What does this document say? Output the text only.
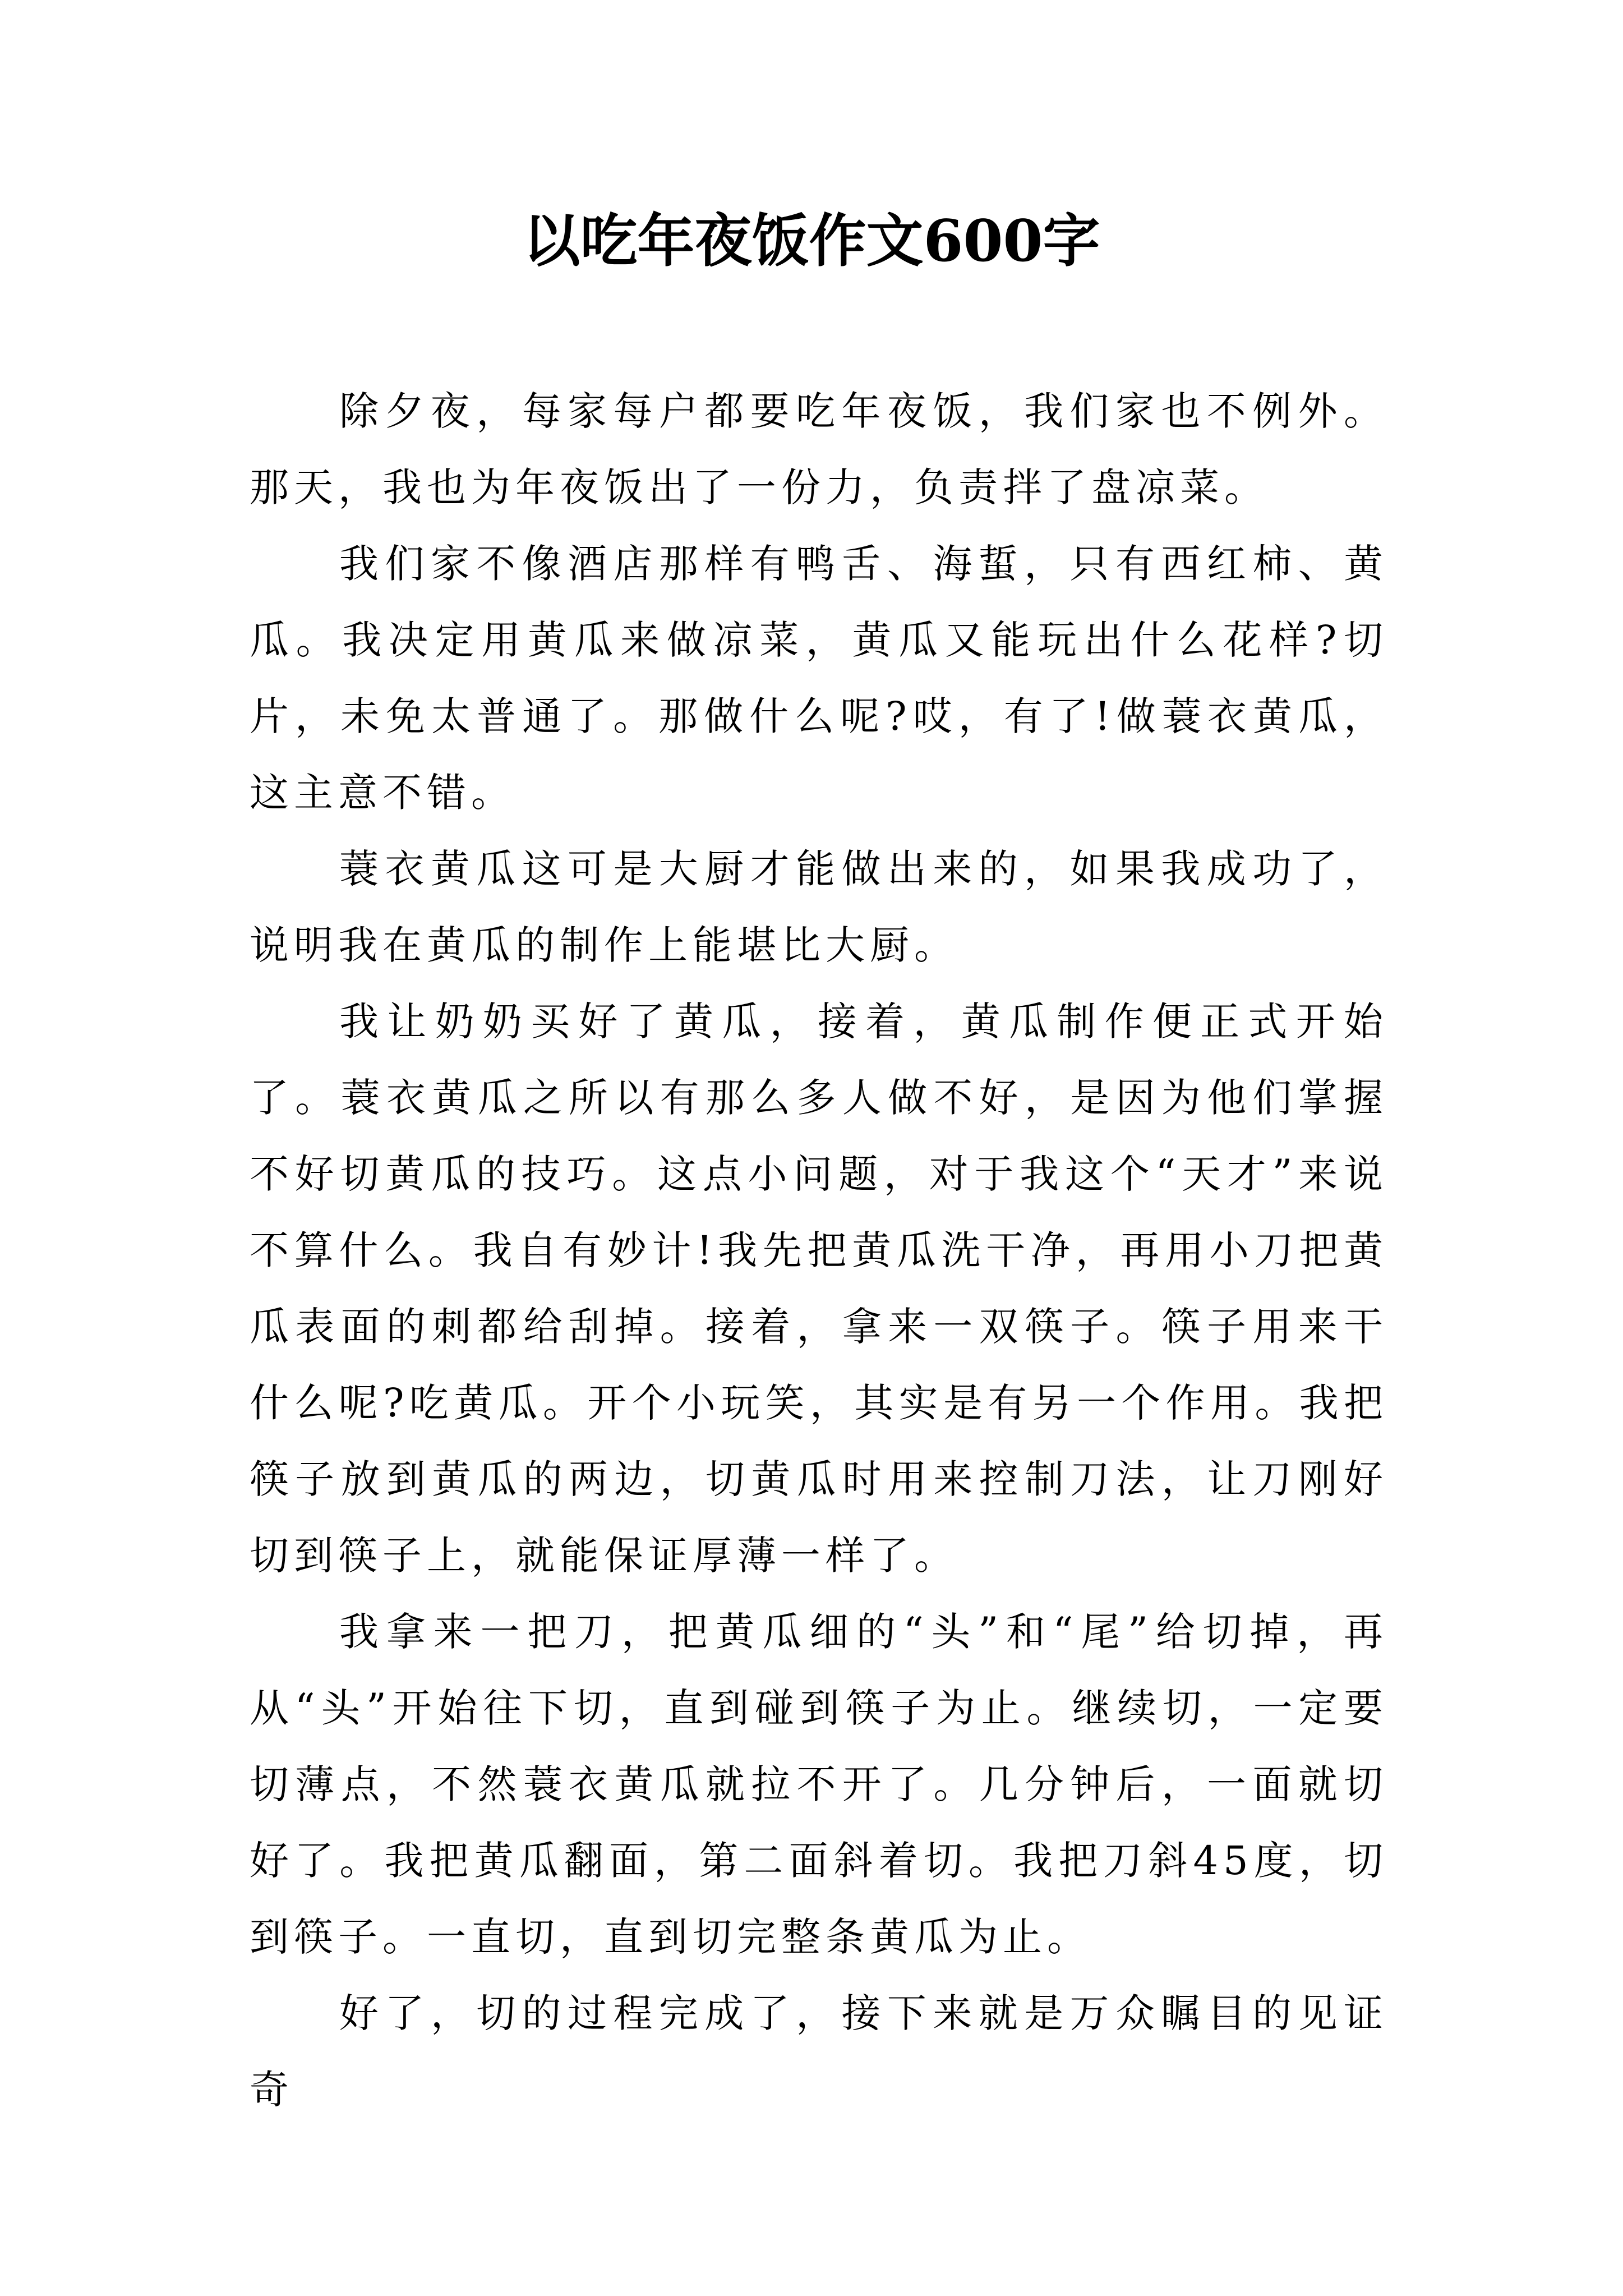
以吃年夜饭作文600字

除夕夜，每家每户都要吃年夜饭，我们家也不例外。那天，我也为年夜饭出了一份力，负责拌了盘凉菜。

我们家不像酒店那样有鸭舌、海蜇，只有西红柿、黄瓜。我决定用黄瓜来做凉菜，黄瓜又能玩出什么花样?切片，未免太普通了。那做什么呢?哎，有了!做蓑衣黄瓜，这主意不错。

蓑衣黄瓜这可是大厨才能做出来的，如果我成功了，说明我在黄瓜的制作上能堪比大厨。

我让奶奶买好了黄瓜，接着，黄瓜制作便正式开始了。蓑衣黄瓜之所以有那么多人做不好，是因为他们掌握不好切黄瓜的技巧。这点小问题，对于我这个“天才”来说不算什么。我自有妙计!我先把黄瓜洗干净，再用小刀把黄瓜表面的刺都给刮掉。接着，拿来一双筷子。筷子用来干什么呢?吃黄瓜。开个小玩笑，其实是有另一个作用。我把筷子放到黄瓜的两边，切黄瓜时用来控制刀法，让刀刚好切到筷子上，就能保证厚薄一样了。

我拿来一把刀，把黄瓜细的“头”和“尾”给切掉，再从“头”开始往下切，直到碰到筷子为止。继续切，一定要切薄点，不然蓑衣黄瓜就拉不开了。几分钟后，一面就切好了。我把黄瓜翻面，第二面斜着切。我把刀斜45度，切到筷子。一直切，直到切完整条黄瓜为止。

好了，切的过程完成了，接下来就是万众瞩目的见证奇
